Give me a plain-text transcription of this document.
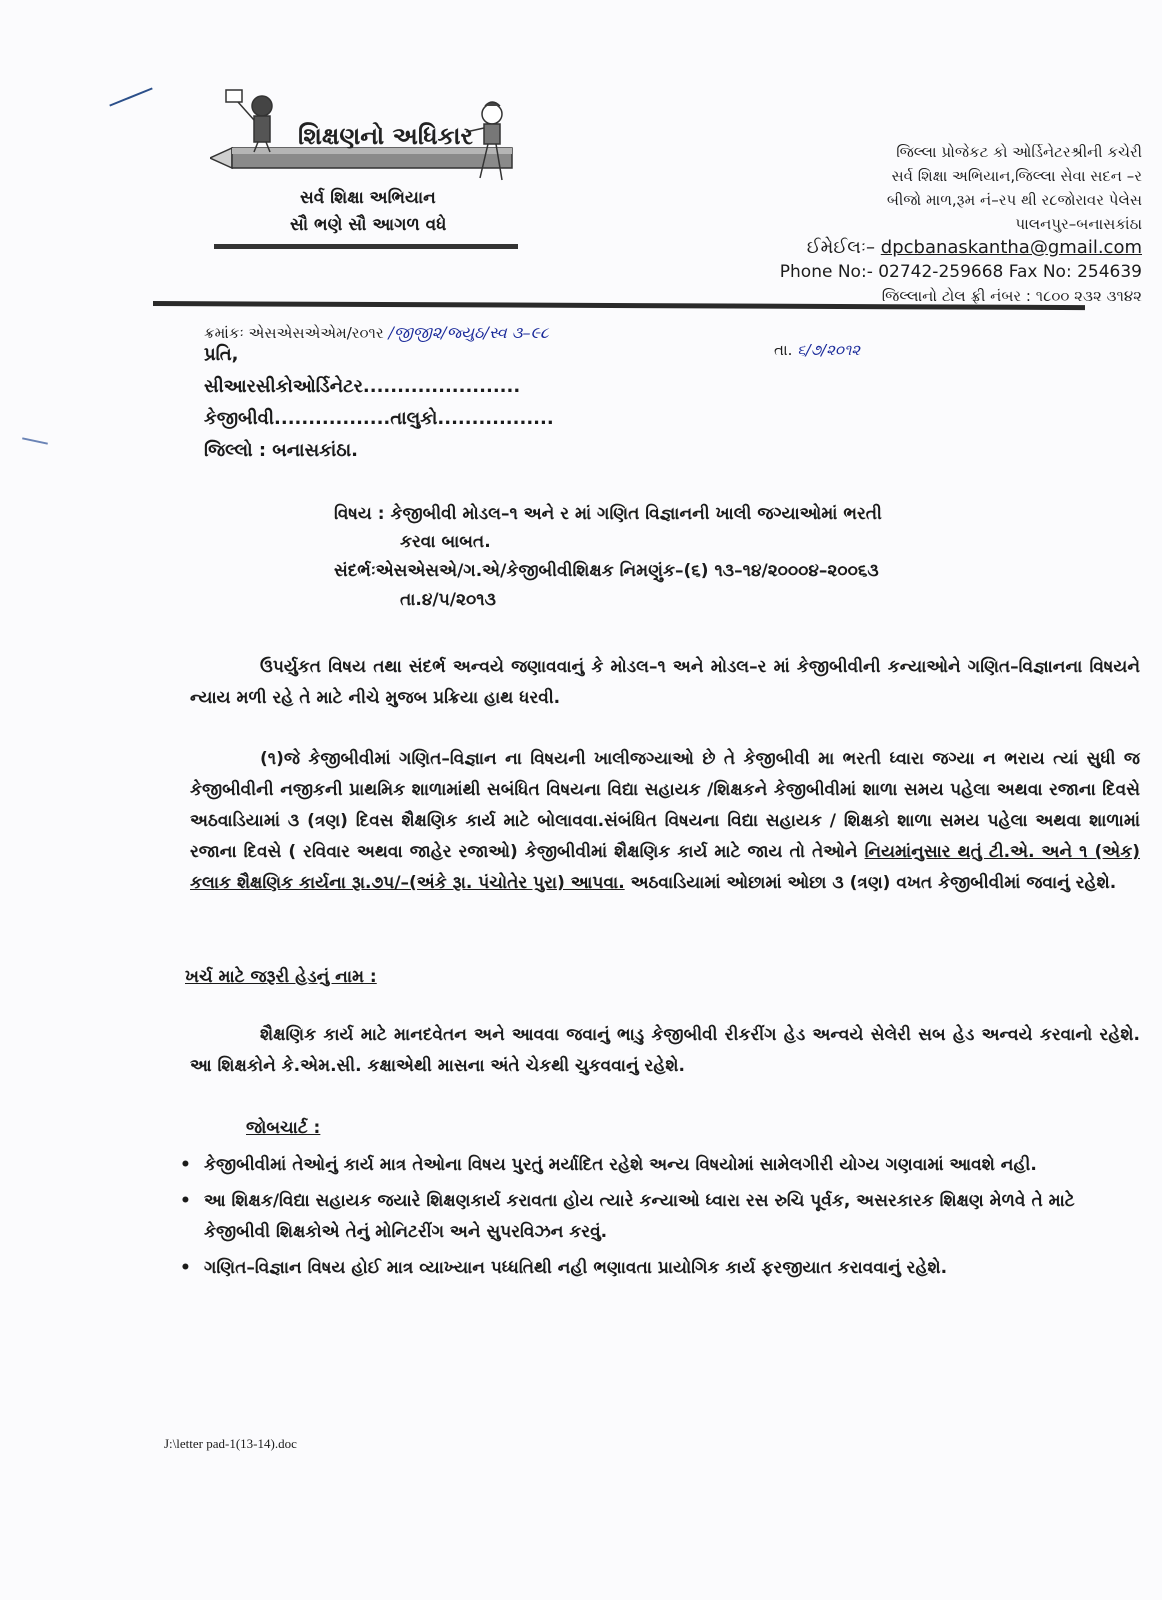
શિક્ષણનો અધિકાર
સર્વ શિક્ષા અભિયાન
સૌ ભણે સૌ આગળ વધે
જિલ્લા પ્રોજેકટ કો ઓર્ડિનેટરશ્રીની કચેરી
સર્વ શિક્ષા અભિયાન,જિલ્લા સેવા સદન –ર
બીજો માળ,રૂમ નં–રપ થી ર૮જોરાવર પેલેસ
પાલનપુર–બનાસકાંઠા
ઈમેઈલઃ– dpcbanaskantha@gmail.com
Phone No:- 02742-259668 Fax No: 254639
જિલ્લાનો ટોલ ફ્રી નંબર : ૧૮૦૦ ૨૩૨ ૩૧૪૨
ક્રમાંકઃ એસએસએએમ/ર૦૧ર /જીજી૨/જ્યુઠ/સ્વ ૩–૯૮
તા. ૬/૭/૨૦૧૨
પ્રતિ,
સીઆરસીકોઓર્ડિનેટર.......................
કેજીબીવી.................તાલુકો.................
જિલ્લો : બનાસકાંઠા.
વિષય : કેજીબીવી મોડલ–૧ અને ર માં ગણિત વિજ્ઞાનની ખાલી જગ્યાઓમાં ભરતી
કરવા બાબત.
સંદર્ભઃએસએસએ/ગ.એ/કેજીબીવીશિક્ષક નિમણુંક–(૬) ૧૩–૧૪/૨૦૦૦૪–૨૦૦૬૩
તા.૪/૫/૨૦૧૩

ઉપર્યુકત વિષય તથા સંદર્ભ અન્વયે જણાવવાનું કે મોડલ–૧ અને મોડલ–ર માં કેજીબીવીની કન્યાઓને ગણિત–વિજ્ઞાનના વિષયને ન્યાય મળી રહે તે માટે નીચે મુજબ પ્રક્રિયા હાથ ધરવી.

(૧)જે કેજીબીવીમાં ગણિત–વિજ્ઞાન ના વિષયની ખાલીજગ્યાઓ છે તે કેજીબીવી મા ભરતી ધ્વારા જગ્યા ન ભરાય ત્યાં સુધી જ કેજીબીવીની નજીકની પ્રાથમિક શાળામાંથી સબંધિત વિષયના વિદ્યા સહાયક /શિક્ષકને કેજીબીવીમાં શાળા સમય પહેલા અથવા રજાના દિવસે અઠવાડિયામાં ૩ (ત્રણ) દિવસ શૈક્ષણિક કાર્ય માટે બોલાવવા.સંબંધિત વિષયના વિદ્યા સહાયક / શિક્ષકો શાળા સમય પહેલા અથવા શાળામાં રજાના દિવસે ( રવિવાર અથવા જાહેર રજાઓ) કેજીબીવીમાં શૈક્ષણિક કાર્ય માટે જાય તો તેઓને નિયમાંનુસાર થતું ટી.એ. અને ૧ (એક) કલાક શૈક્ષણિક કાર્યના રૂા.૭પ/–(અંકે રૂા. પંચોતેર પુરા) આપવા. અઠવાડિયામાં ઓછામાં ઓછા ૩ (ત્રણ) વખત કેજીબીવીમાં જવાનું રહેશે.

ખર્ચ માટે જરૂરી હેડનું નામ :

શૈક્ષણિક કાર્ય માટે માનદવેતન અને આવવા જવાનું ભાડુ કેજીબીવી રીકરીંગ હેડ અન્વયે સેલેરી સબ હેડ અન્વયે કરવાનો રહેશે. આ શિક્ષકોને કે.એમ.સી. કક્ષાએથી માસના અંતે ચેકથી ચુકવવાનું રહેશે.

જોબચાર્ટ :
• કેજીબીવીમાં તેઓનું કાર્ય માત્ર તેઓના વિષય પુરતું મર્યાદિત રહેશે અન્ય વિષયોમાં સામેલગીરી યોગ્ય ગણવામાં આવશે નહી.
• આ શિક્ષક/વિદ્યા સહાયક જયારે શિક્ષણકાર્ય કરાવતા હોય ત્યારે કન્યાઓ ધ્વારા રસ રુચિ પૂર્વક, અસરકારક શિક્ષણ મેળવે તે માટે કેજીબીવી શિક્ષકોએ તેનું મોનિટરીંગ અને સુપરવિઝન કરવું.
• ગણિત–વિજ્ઞાન વિષય હોઈ માત્ર વ્યાખ્યાન પધ્ધતિથી નહી ભણાવતા પ્રાયોગિક કાર્ય ફરજીયાત કરાવવાનું રહેશે.
J:\letter pad-1(13-14).doc
